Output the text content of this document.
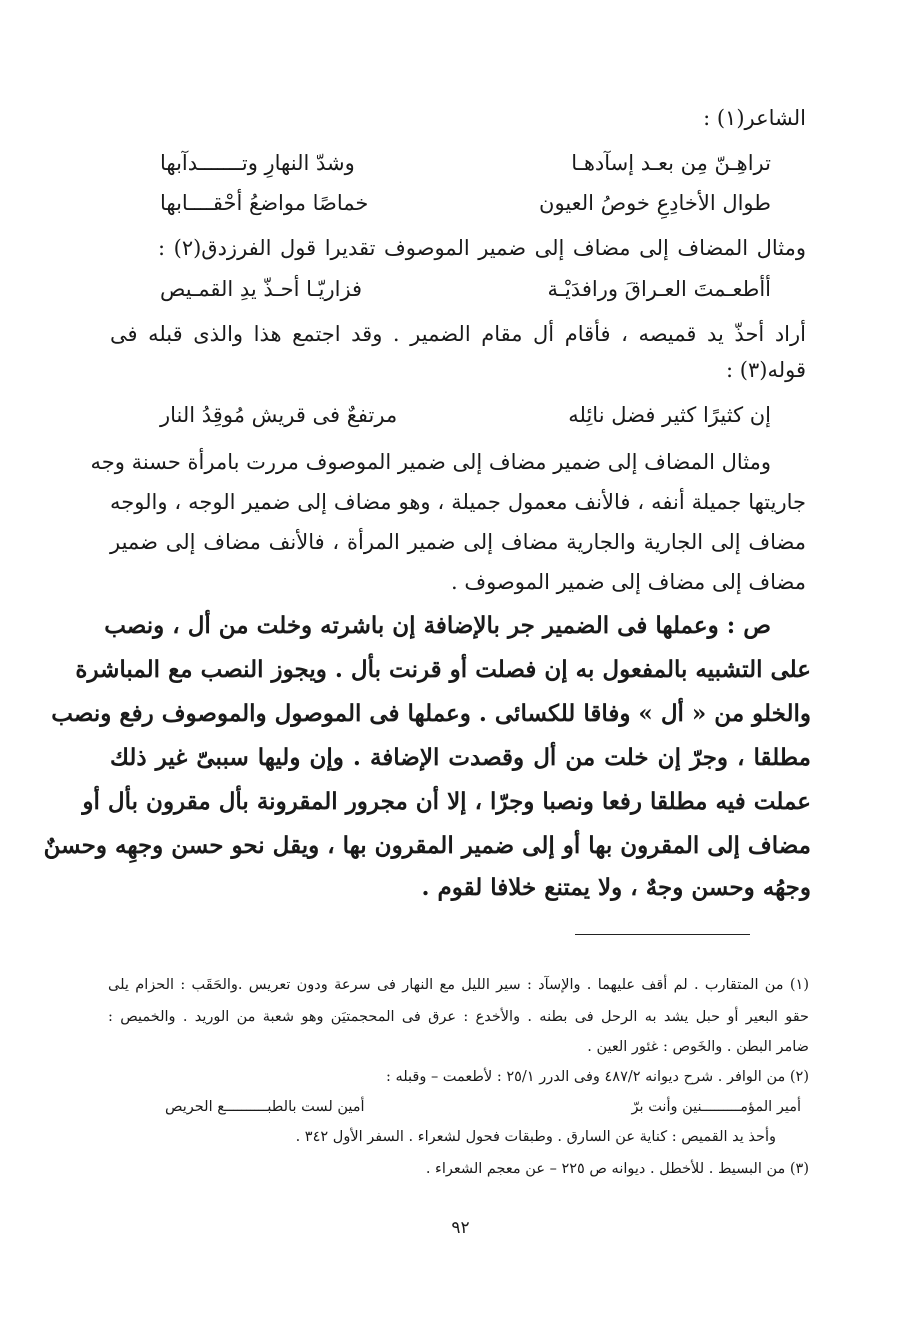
الشاعر(١) :
تراهِـنّ مِن بعـد إسآدهـا
وشدّ النهارِ وتـــــــدآبها
طوال الأخادِعِ خوصُ العيون
خماصًا مواضعُ أحْقــــابها
ومثال المضاف إلى مضاف إلى ضمير الموصوف تقديرا قول الفرزدق(٢) :
أأطعـمتَ العـراقَ ورافدَيْـة
فزاريّـا أحـذّ يدِ القمـيص
أراد أحذّ يد قميصه ، فأقام أل مقام الضمير . وقد اجتمع هذا والذى قبله فى
قوله(٣) :
إن كثيرًا كثير فضل نائِله
مرتفعٌ فى قريش مُوقِدُ النار
ومثال المضاف إلى ضمير مضاف إلى ضمير الموصوف مررت بامرأة حسنة وجه
جاريتها جميلة أنفه ، فالأنف معمول جميلة ، وهو مضاف إلى ضمير الوجه ، والوجه
مضاف إلى الجارية والجارية مضاف إلى ضمير المرأة ، فالأنف مضاف إلى ضمير
مضاف إلى مضاف إلى ضمير الموصوف .
ص : وعملها فى الضمير جر بالإضافة إن باشرته وخلت من أل ، ونصب
على التشبيه بالمفعول به إن فصلت أو قرنت بأل . ويجوز النصب مع المباشرة
والخلو من « أل » وفاقا للكسائى . وعملها فى الموصول والموصوف رفع ونصب
مطلقا ، وجرّ إن خلت من أل وقصدت الإضافة . وإن وليها سببىّ غير ذلك
عملت فيه مطلقا رفعا ونصبا وجرّا ، إلا أن مجرور المقرونة بأل مقرون بأل أو
مضاف إلى المقرون بها أو إلى ضمير المقرون بها ، ويقل نحو حسن وجهِه وحسنٌ
وجهُه وحسن وجهٌ ، ولا يمتنع خلافا لقوم .
(١) من المتقارب . لم أقف عليهما . والإسآد : سير الليل مع النهار فى سرعة ودون تعريس .والحَقَب : الحزام يلى
حقو البعير أو حبل يشد به الرحل فى بطنه . والأخدع : عرق فى المحجمتيَن وهو شعبة من الوريد . والخميص :
ضامر البطن . والخَوص : غئور العين .
(٢) من الوافر . شرح ديوانه ٤٨٧/٢ وفى الدرر ٢٥/١ : لأطعمت – وقبله :
أمير المؤمـــــــــنين وأنت برّ
أمين لست بالطبــــــــــع الحريص
وأحذ يد القميص : كناية عن السارق . وطبقات فحول لشعراء . السفر الأول ٣٤٢ .
(٣) من البسيط . للأخطل . ديوانه ص ٢٢٥ – عن معجم الشعراء .
٩٢
